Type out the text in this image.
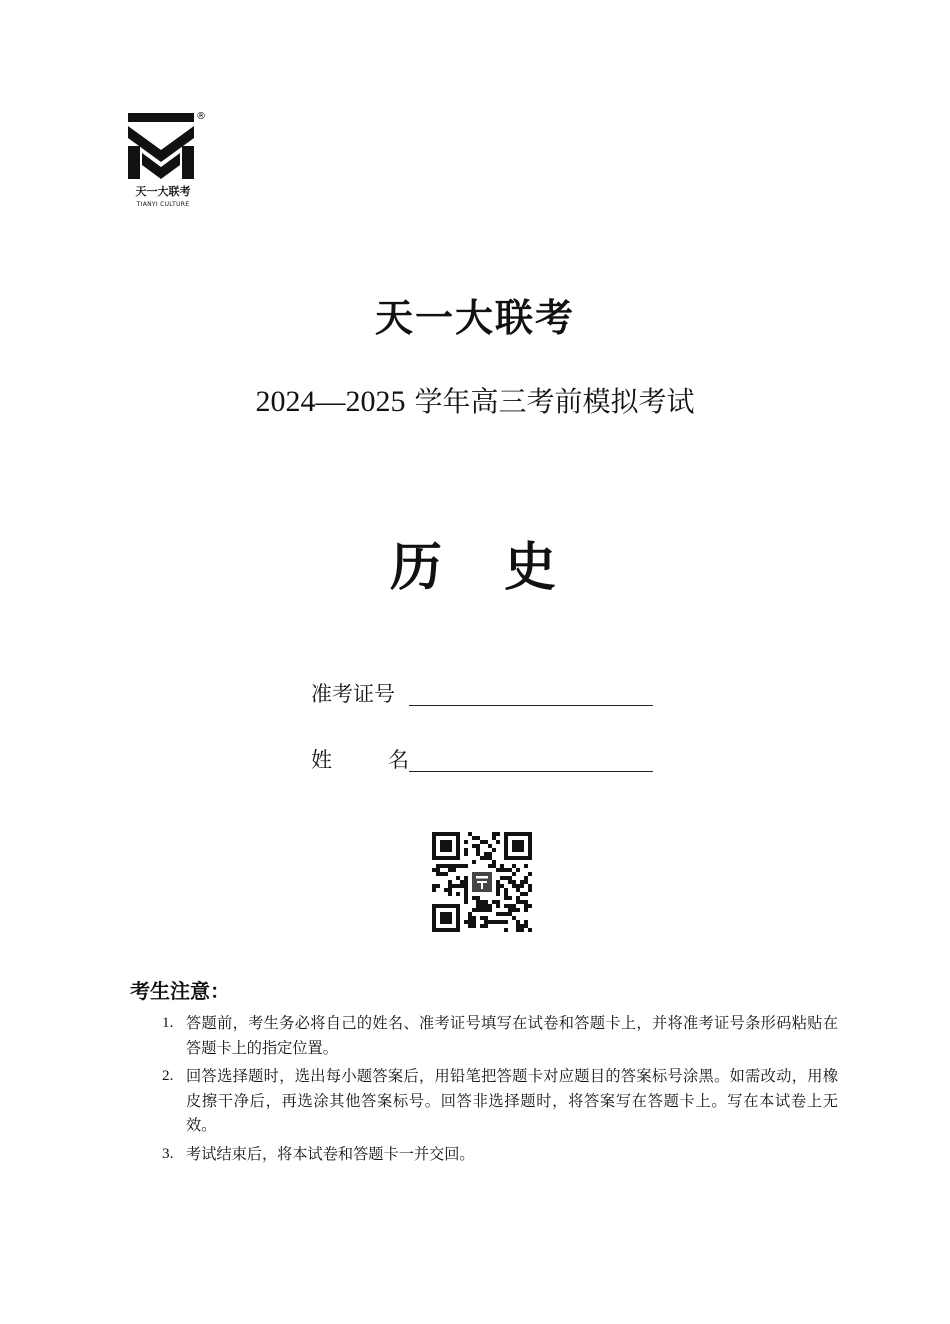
®
天一大联考
TIANYI CULTURE
天一大联考
2024—2025 学年高三考前模拟考试
历 史
准考证号
姓	名
考生注意：
1. 答题前，考生务必将自己的姓名、准考证号填写在试卷和答题卡上，并将准考证号条形码粘贴在答题卡上的指定位置。
2. 回答选择题时，选出每小题答案后，用铅笔把答题卡对应题目的答案标号涂黑。如需改动，用橡皮擦干净后，再选涂其他答案标号。回答非选择题时，将答案写在答题卡上。写在本试卷上无效。
3. 考试结束后，将本试卷和答题卡一并交回。
